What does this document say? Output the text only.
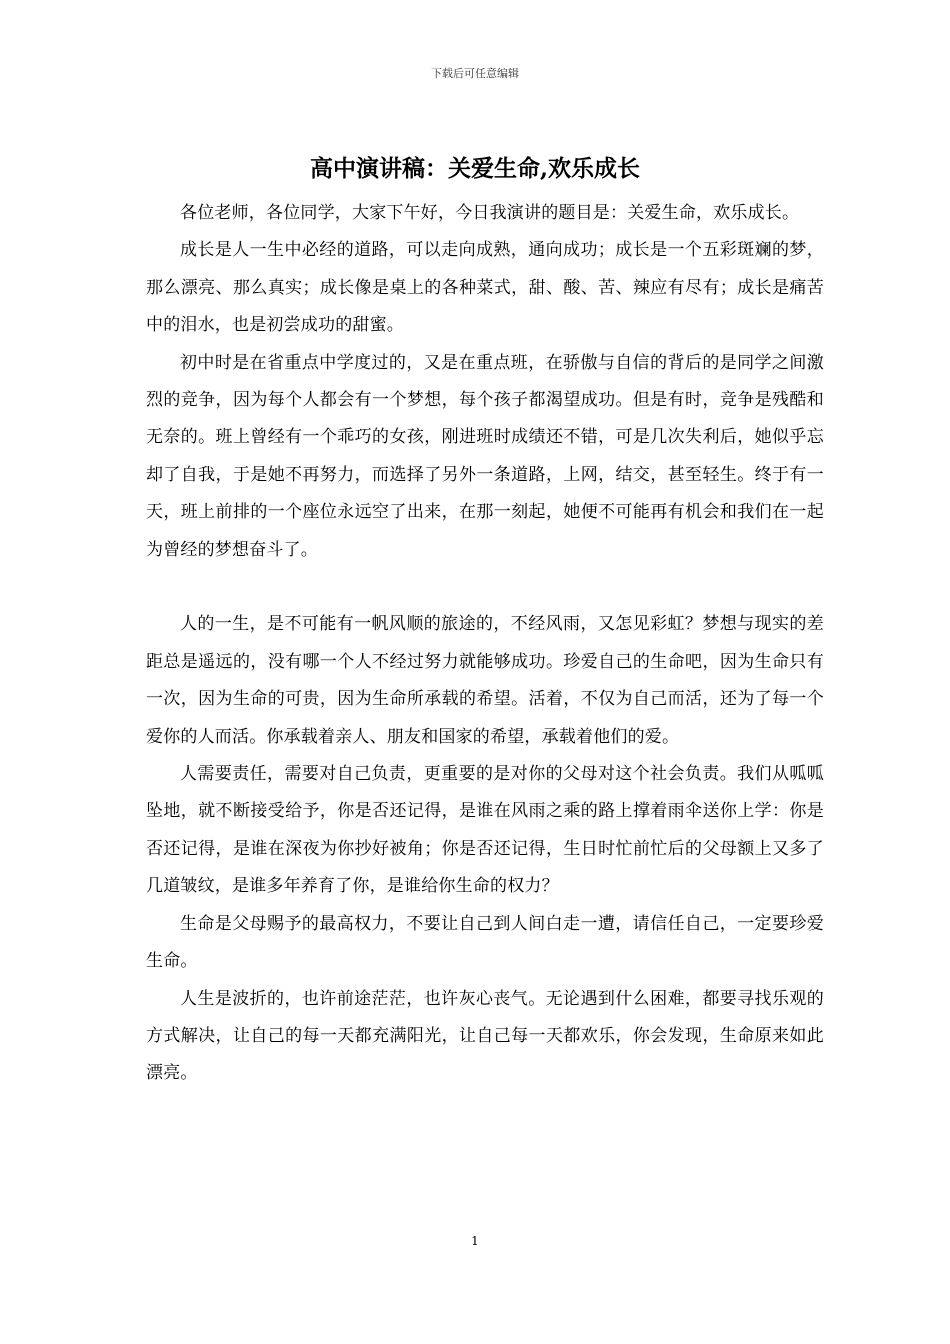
下载后可任意编辑
高中演讲稿：关爱生命,欢乐成长

各位老师，各位同学，大家下午好，今日我演讲的题目是：关爱生命，欢乐成长。

成长是人一生中必经的道路，可以走向成熟，通向成功；成长是一个五彩斑斓的梦，那么漂亮、那么真实；成长像是桌上的各种菜式，甜、酸、苦、辣应有尽有；成长是痛苦中的泪水，也是初尝成功的甜蜜。

初中时是在省重点中学度过的，又是在重点班，在骄傲与自信的背后的是同学之间激烈的竞争，因为每个人都会有一个梦想，每个孩子都渴望成功。但是有时，竞争是残酷和无奈的。班上曾经有一个乖巧的女孩，刚进班时成绩还不错，可是几次失利后，她似乎忘却了自我，于是她不再努力，而选择了另外一条道路，上网，结交，甚至轻生。终于有一天，班上前排的一个座位永远空了出来，在那一刻起，她便不可能再有机会和我们在一起为曾经的梦想奋斗了。

人的一生，是不可能有一帆风顺的旅途的，不经风雨，又怎见彩虹？梦想与现实的差距总是遥远的，没有哪一个人不经过努力就能够成功。珍爱自己的生命吧，因为生命只有一次，因为生命的可贵，因为生命所承载的希望。活着，不仅为自己而活，还为了每一个爱你的人而活。你承载着亲人、朋友和国家的希望，承载着他们的爱。

人需要责任，需要对自己负责，更重要的是对你的父母对这个社会负责。我们从呱呱坠地，就不断接受给予，你是否还记得，是谁在风雨之乘的路上撑着雨伞送你上学：你是否还记得，是谁在深夜为你抄好被角；你是否还记得，生日时忙前忙后的父母额上又多了几道皱纹，是谁多年养育了你，是谁给你生命的权力？

生命是父母赐予的最高权力，不要让自己到人间白走一遭，请信任自己，一定要珍爱生命。

人生是波折的，也许前途茫茫，也许灰心丧气。无论遇到什么困难，都要寻找乐观的方式解决，让自己的每一天都充满阳光，让自己每一天都欢乐，你会发现，生命原来如此漂亮。

1
